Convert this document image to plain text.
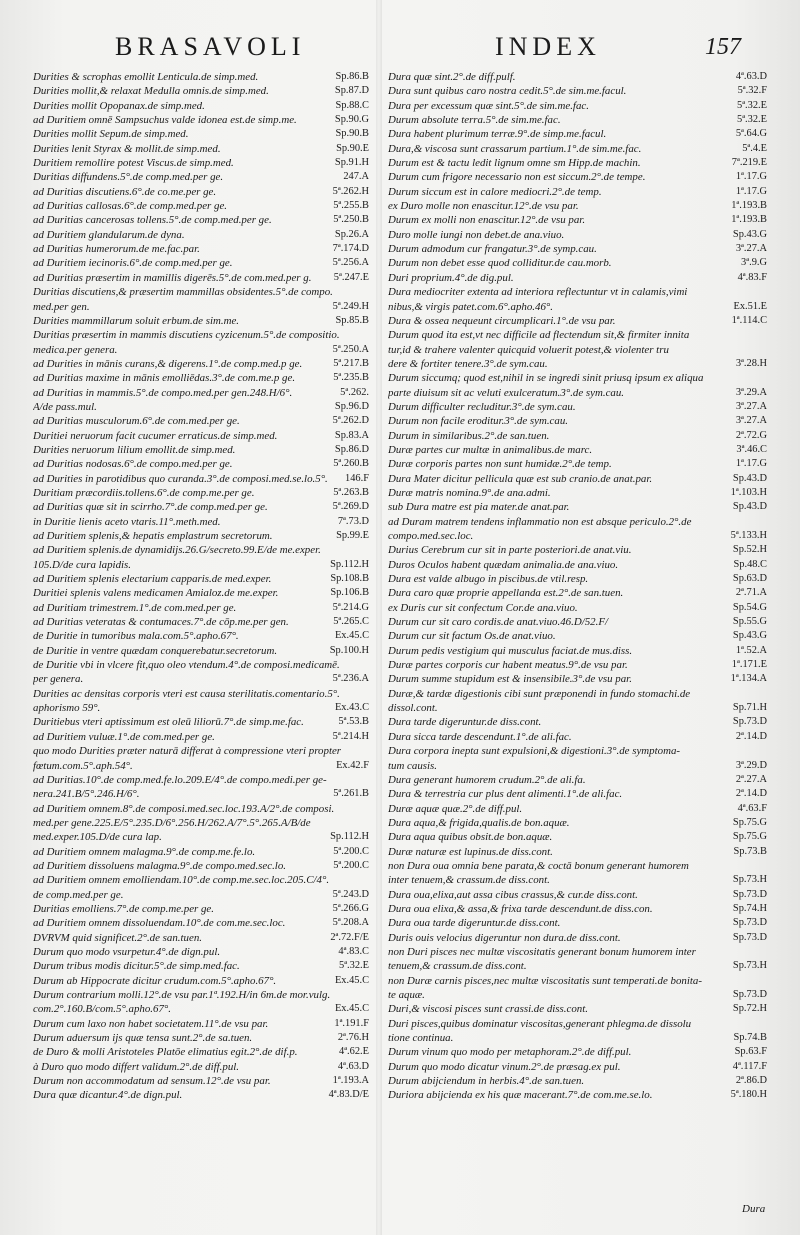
BRASAVOLI	INDEX	157
Durities & scrophas emollit Lenticula.de simp.med.	Sp.86.B
Durities mollit,& relaxat Medulla omnis.de simp.med.	Sp.87.D
Durities mollit Opopanax.de simp.med.	Sp.88.C
ad Duritiem omnē Sampsuchus valde idonea est.de simp.me.	Sp.90.G
Durities mollit Sepum.de simp.med.	Sp.90.B
Durities lenit Styrax & mollit.de simp.med.	Sp.90.E
Duritiem remollire potest Viscus.de simp.med.	Sp.91.H
Duritias diffundens.5°.de comp.med.per ge.	247.A
ad Duritias discutiens.6°.de co.me.per ge.	5ª.262.H
ad Duritias callosas.6°.de comp.med.per ge.	5ª.255.B
ad Duritias cancerosas tollens.5°.de comp.med.per ge.	5ª.250.B
ad Duritiem glandularum.de dyna.	Sp.26.A
ad Duritias humerorum.de me.fac.par.	7ª.174.D
ad Duritiem iecinoris.6°.de comp.med.per ge.	5ª.256.A
ad Duritias præsertim in mamillis digerēs.5°.de com.med.per g.	5ª.247.E
Duritias discutiens,& præsertim mammillas obsidentes.5°.de compo.
med.per gen.	5ª.249.H
Durities mammillarum soluit erbum.de sim.me.	Sp.85.B
Duritias præsertim in mammis discutiens cyzicenum.5°.de compositio.
medica.per genera.	5ª.250.A
ad Durities in mānis curans,& digerens.1°.de comp.med.p ge.	5ª.217.B
ad Duritias maxime in mānis emolliēdas.3°.de com.me.p ge.	5ª.235.B
ad Duritias in mammis.5°.de compo.med.per gen.248.H/6°.	5ª.262.
A/de pass.mul.	Sp.96.D
ad Duritias musculorum.6°.de com.med.per ge.	5ª.262.D
Duritiei neruorum facit cucumer erraticus.de simp.med.	Sp.83.A
Durities neruorum lilium emollit.de simp.med.	Sp.86.D
ad Duritias nodosas.6°.de compo.med.per ge.	5ª.260.B
ad Durities in parotidibus quo curanda.3°.de composi.med.se.lo.5°.	146.F
Duritiam præcordiis.tollens.6°.de comp.me.per ge.	5ª.263.B
ad Duritias quæ sit in scirrho.7°.de comp.med.per ge.	5ª.269.D
in Duritie lienis aceto vtaris.11°.meth.med.	7ª.73.D
ad Duritiem splenis,& hepatis emplastrum secretorum.	Sp.99.E
ad Duritiem splenis.de dynamidijs.26.G/secreto.99.E/de me.exper.
105.D/de cura lapidis.	Sp.112.H
ad Duritiem splenis electarium capparis.de med.exper.	Sp.108.B
Duritiei splenis valens medicamen Amialoz.de me.exper.	Sp.106.B
ad Duritiam trimestrem.1°.de com.med.per ge.	5ª.214.G
ad Duritias veteratas & contumaces.7°.de cōp.me.per gen.	5ª.265.C
de Duritie in tumoribus mala.com.5°.apho.67°.	Ex.45.C
de Duritie in ventre quædam conquerebatur.secretorum.	Sp.100.H
de Duritie vbi in vlcere fit,quo oleo vtendum.4°.de composi.medicamē.
per genera.	5ª.236.A
Durities ac densitas corporis vteri est causa sterilitatis.comentario.5°.
aphorismo 59°.	Ex.43.C
Duritiebus vteri aptissimum est oleū liliorū.7°.de simp.me.fac.	5ª.53.B
ad Duritiem vuluæ.1°.de com.med.per ge.	5ª.214.H
quo modo Durities præter naturā differat à compressione vteri propter
fœtum.com.5°.aph.54°.	Ex.42.F
ad Duritias.10°.de comp.med.fe.lo.209.E/4°.de compo.medi.per ge-
nera.241.B/5°.246.H/6°.	5ª.261.B
ad Duritiem omnem.8°.de composi.med.sec.loc.193.A/2°.de composi.
med.per gene.225.E/5°.235.D/6°.256.H/262.A/7°.5°.265.A/B/de
med.exper.105.D/de cura lap.	Sp.112.H
ad Duritiem omnem malagma.9°.de comp.me.fe.lo.	5ª.200.C
ad Duritiem dissoluens malagma.9°.de compo.med.sec.lo.	5ª.200.C
ad Duritiem omnem emolliendam.10°.de comp.me.sec.loc.205.C/4°.
de comp.med.per ge.	5ª.243.D
Duritias emolliens.7°.de comp.me.per ge.	5ª.266.G
ad Duritiem omnem dissoluendam.10°.de com.me.sec.loc.	5ª.208.A
DVRVM quid significet.2°.de san.tuen.	2ª.72.F/E
Durum quo modo vsurpetur.4°.de dign.pul.	4ª.83.C
Durum tribus modis dicitur.5°.de simp.med.fac.	5ª.32.E
Durum ab Hippocrate dicitur crudum.com.5°.apho.67°.	Ex.45.C
Durum contrarium molli.12°.de vsu par.1ª.192.H/in 6m.de mor.vulg.
com.2°.160.B/com.5°.apho.67°.	Ex.45.C
Durum cum laxo non habet societatem.11°.de vsu par.	1ª.191.F
Durum aduersum ijs quæ tensa sunt.2°.de sa.tuen.	2ª.76.H
de Duro & molli Aristoteles Platōe elimatius egit.2°.de dif.p.	4ª.62.E
à Duro quo modo differt validum.2°.de diff.pul.	4ª.63.D
Durum non accommodatum ad sensum.12°.de vsu par.	1ª.193.A
Dura quæ dicantur.4°.de dign.pul.	4ª.83.D/E
Dura quæ sint.2°.de diff.pulf.	4ª.63.D
Dura sunt quibus caro nostra cedit.5°.de sim.me.facul.	5ª.32.F
Dura per excessum quæ sint.5°.de sim.me.fac.	5ª.32.E
Durum absolute terra.5°.de sim.me.fac.	5ª.32.E
Dura habent plurimum terræ.9°.de simp.me.facul.	5ª.64.G
Dura,& viscosa sunt crassarum partium.1°.de sim.me.fac.	5ª.4.E
Durum est & tactu ledit lignum omne sm Hipp.de machin.	7ª.219.E
Durum cum frigore necessario non est siccum.2°.de tempe.	1ª.17.G
Durum siccum est in calore mediocri.2°.de temp.	1ª.17.G
ex Duro molle non enascitur.12°.de vsu par.	1ª.193.B
Durum ex molli non enascitur.12°.de vsu par.	1ª.193.B
Duro molle iungi non debet.de ana.viuo.	Sp.43.G
Durum admodum cur frangatur.3°.de symp.cau.	3ª.27.A
Durum non debet esse quod colliditur.de cau.morb.	3ª.9.G
Duri proprium.4°.de dig.pul.	4ª.83.F
Dura mediocriter extenta ad interiora reflectuntur vt in calamis,vimi
nibus,& virgis patet.com.6°.apho.46°.	Ex.51.E
Dura & ossea nequeunt circumplicari.1°.de vsu par.	1ª.114.C
Durum quod ita est,vt nec difficile ad flectendum sit,& firmiter innita
tur,id & trahere valenter quicquid voluerit potest,& violenter tru
dere & fortiter tenere.3°.de sym.cau.	3ª.28.H
Durum siccumq; quod est,nihil in se ingredi sinit priusq ipsum ex aliqua
parte diuisum sit ac veluti exulceratum.3°.de sym.cau.	3ª.29.A
Durum difficulter recluditur.3°.de sym.cau.	3ª.27.A
Durum non facile eroditur.3°.de sym.cau.	3ª.27.A
Durum in similaribus.2°.de san.tuen.	2ª.72.G
Duræ partes cur multæ in animalibus.de marc.	3ª.46.C
Duræ corporis partes non sunt humidæ.2°.de temp.	1ª.17.G
Dura Mater dicitur pellicula quæ est sub cranio.de anat.par.	Sp.43.D
Duræ matris nomina.9°.de ana.admi.	1ª.103.H
sub Dura matre est pia mater.de anat.par.	Sp.43.D
ad Duram matrem tendens inflammatio non est absque periculo.2°.de
compo.med.sec.loc.	5ª.133.H
Durius Cerebrum cur sit in parte posteriori.de anat.viu.	Sp.52.H
Duros Oculos habent quædam animalia.de ana.viuo.	Sp.48.C
Dura est valde albugo in piscibus.de vtil.resp.	Sp.63.D
Dura caro quæ proprie appellanda est.2°.de san.tuen.	2ª.71.A
ex Duris cur sit confectum Cor.de ana.viuo.	Sp.54.G
Durum cur sit caro cordis.de anat.viuo.46.D/52.F/	Sp.55.G
Durum cur sit factum Os.de anat.viuo.	Sp.43.G
Durum pedis vestigium qui musculus faciat.de mus.diss.	1ª.52.A
Duræ partes corporis cur habent meatus.9°.de vsu par.	1ª.171.E
Durum summe stupidum est & insensibile.3°.de vsu par.	1ª.134.A
Duræ,& tardæ digestionis cibi sunt præponendi in fundo stomachi.de
dissol.cont.	Sp.71.H
Dura tarde digeruntur.de diss.cont.	Sp.73.D
Dura sicca tarde descendunt.1°.de ali.fac.	2ª.14.D
Dura corpora inepta sunt expulsioni,& digestioni.3°.de symptoma-
tum causis.	3ª.29.D
Dura generant humorem crudum.2°.de ali.fa.	2ª.27.A
Dura & terrestria cur plus dent alimenti.1°.de ali.fac.	2ª.14.D
Duræ aquæ quæ.2°.de diff.pul.	4ª.63.F
Dura aqua,& frigida,qualis.de bon.aquæ.	Sp.75.G
Dura aqua quibus obsit.de bon.aquæ.	Sp.75.G
Duræ naturæ est lupinus.de diss.cont.	Sp.73.B
non Dura oua omnia bene parata,& coctā bonum generant humorem
inter tenuem,& crassum.de diss.cont.	Sp.73.H
Dura oua,elixa,aut assa cibus crassus,& cur.de diss.cont.	Sp.73.D
Dura oua elixa,& assa,& frixa tarde descendunt.de diss.con.	Sp.74.H
Dura oua tarde digeruntur.de diss.cont.	Sp.73.D
Duris ouis velocius digeruntur non dura.de diss.cont.	Sp.73.D
non Duri pisces nec multæ viscositatis generant bonum humorem inter
tenuem,& crassum.de diss.cont.	Sp.73.H
non Duræ carnis pisces,nec multæ viscositatis sunt temperati.de bonita-
te aquæ.	Sp.73.D
Duri,& viscosi pisces sunt crassi.de diss.cont.	Sp.72.H
Duri pisces,quibus dominatur viscositas,generant phlegma.de dissolu
tione continua.	Sp.74.B
Durum vinum quo modo per metaphoram.2°.de diff.pul.	Sp.63.F
Durum quo modo dicatur vinum.2°.de præsag.ex pul.	4ª.117.F
Durum abijciendum in herbis.4°.de san.tuen.	2ª.86.D
Duriora abijcienda ex his quæ macerant.7°.de com.me.se.lo.	5ª.180.H
Dura
